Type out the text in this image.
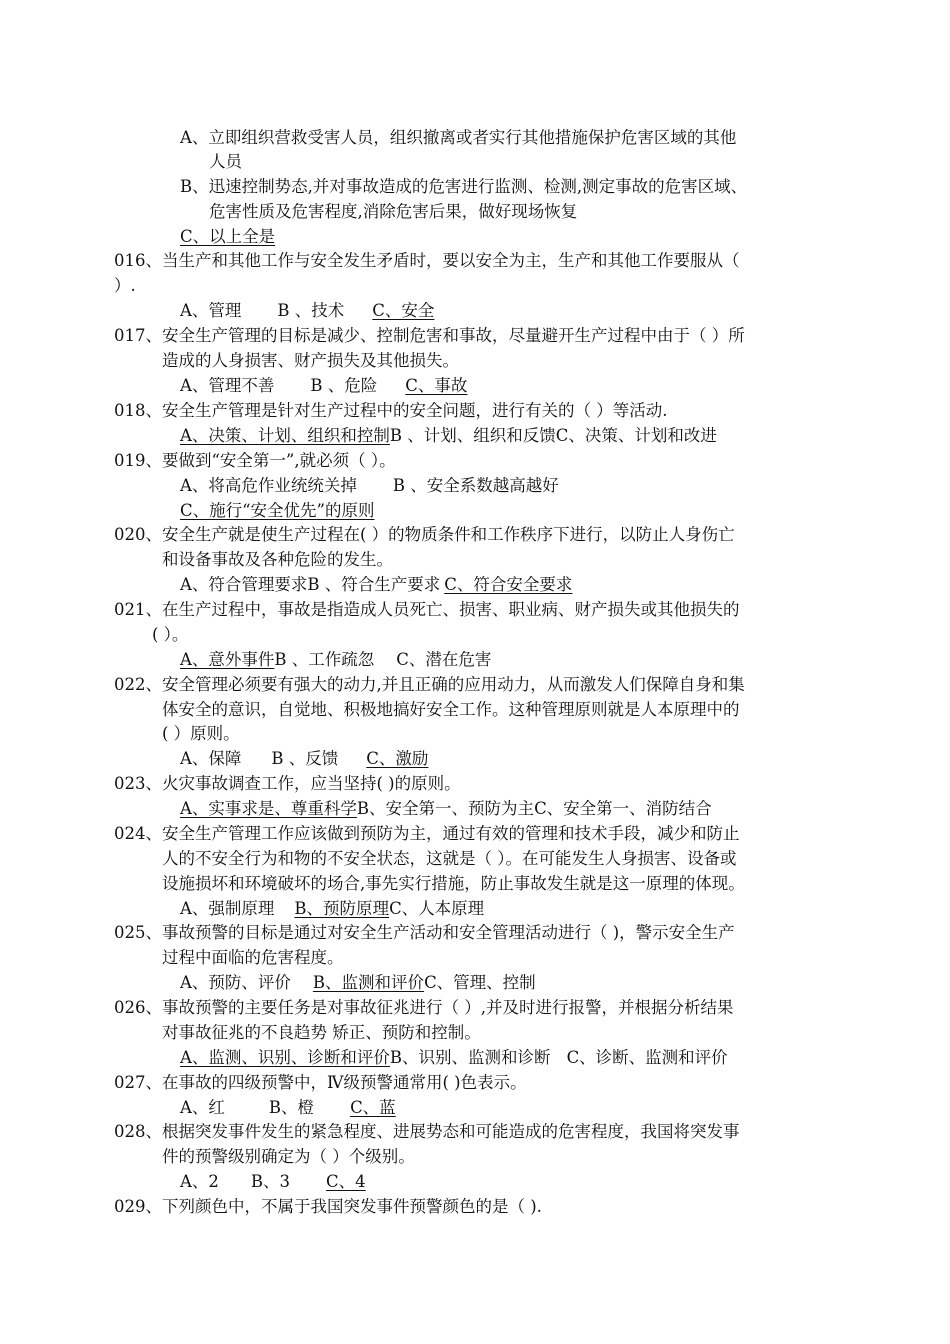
A、立即组织营救受害人员，组织撤离或者实行其他措施保护危害区域的其他
人员
B、迅速控制势态,并对事故造成的危害进行监测、检测,测定事故的危害区域、
危害性质及危害程度,消除危害后果，做好现场恢复
C、以上全是
016、当生产和其他工作与安全发生矛盾时，要以安全为主，生产和其他工作要服从（
）.
A、管理 B 、技术 C、安全
017、安全生产管理的目标是减少、控制危害和事故，尽量避开生产过程中由于（ ）所
造成的人身损害、财产损失及其他损失。
A、管理不善 B 、危险 C、事故
018、安全生产管理是针对生产过程中的安全问题，进行有关的（ ）等活动.
A、决策、计划、组织和控制B 、计划、组织和反馈C、决策、计划和改进
019、要做到“安全第一”,就必须（ ）。
A、将高危作业统统关掉 B 、安全系数越高越好
C、施行“安全优先”的原则
020、安全生产就是使生产过程在( ）的物质条件和工作秩序下进行，以防止人身伤亡
和设备事故及各种危险的发生。
A、符合管理要求B 、符合生产要求 C、符合安全要求
021、在生产过程中，事故是指造成人员死亡、损害、职业病、财产损失或其他损失的
( ）。
A、意外事件B 、工作疏忽 C、潜在危害
022、安全管理必须要有强大的动力,并且正确的应用动力，从而激发人们保障自身和集
体安全的意识，自觉地、积极地搞好安全工作。这种管理原则就是人本原理中的
( ）原则。
A、保障 B 、反馈 C、激励
023、火灾事故调查工作，应当坚持( )的原则。
A、实事求是、尊重科学B、安全第一、预防为主C、安全第一、消防结合
024、安全生产管理工作应该做到预防为主，通过有效的管理和技术手段，减少和防止
人的不安全行为和物的不安全状态，这就是（ ）。在可能发生人身损害、设备或
设施损坏和环境破坏的场合,事先实行措施，防止事故发生就是这一原理的体现。
A、强制原理 B、预防原理C、人本原理
025、事故预警的目标是通过对安全生产活动和安全管理活动进行（ )，警示安全生产
过程中面临的危害程度。
A、预防、评价 B、监测和评价C、管理、控制
026、事故预警的主要任务是对事故征兆进行（ ）,并及时进行报警，并根据分析结果
对事故征兆的不良趋势 矫正、预防和控制。
A、监测、识别、诊断和评价B、识别、监测和诊断 C、诊断、监测和评价
027、在事故的四级预警中，Ⅳ级预警通常用( )色表示。
A、红	B、橙 C、蓝
028、根据突发事件发生的紧急程度、进展势态和可能造成的危害程度，我国将突发事
件的预警级别确定为（ ）个级别。
A、2 B、3 C、4
029、下列颜色中，不属于我国突发事件预警颜色的是（ ).
